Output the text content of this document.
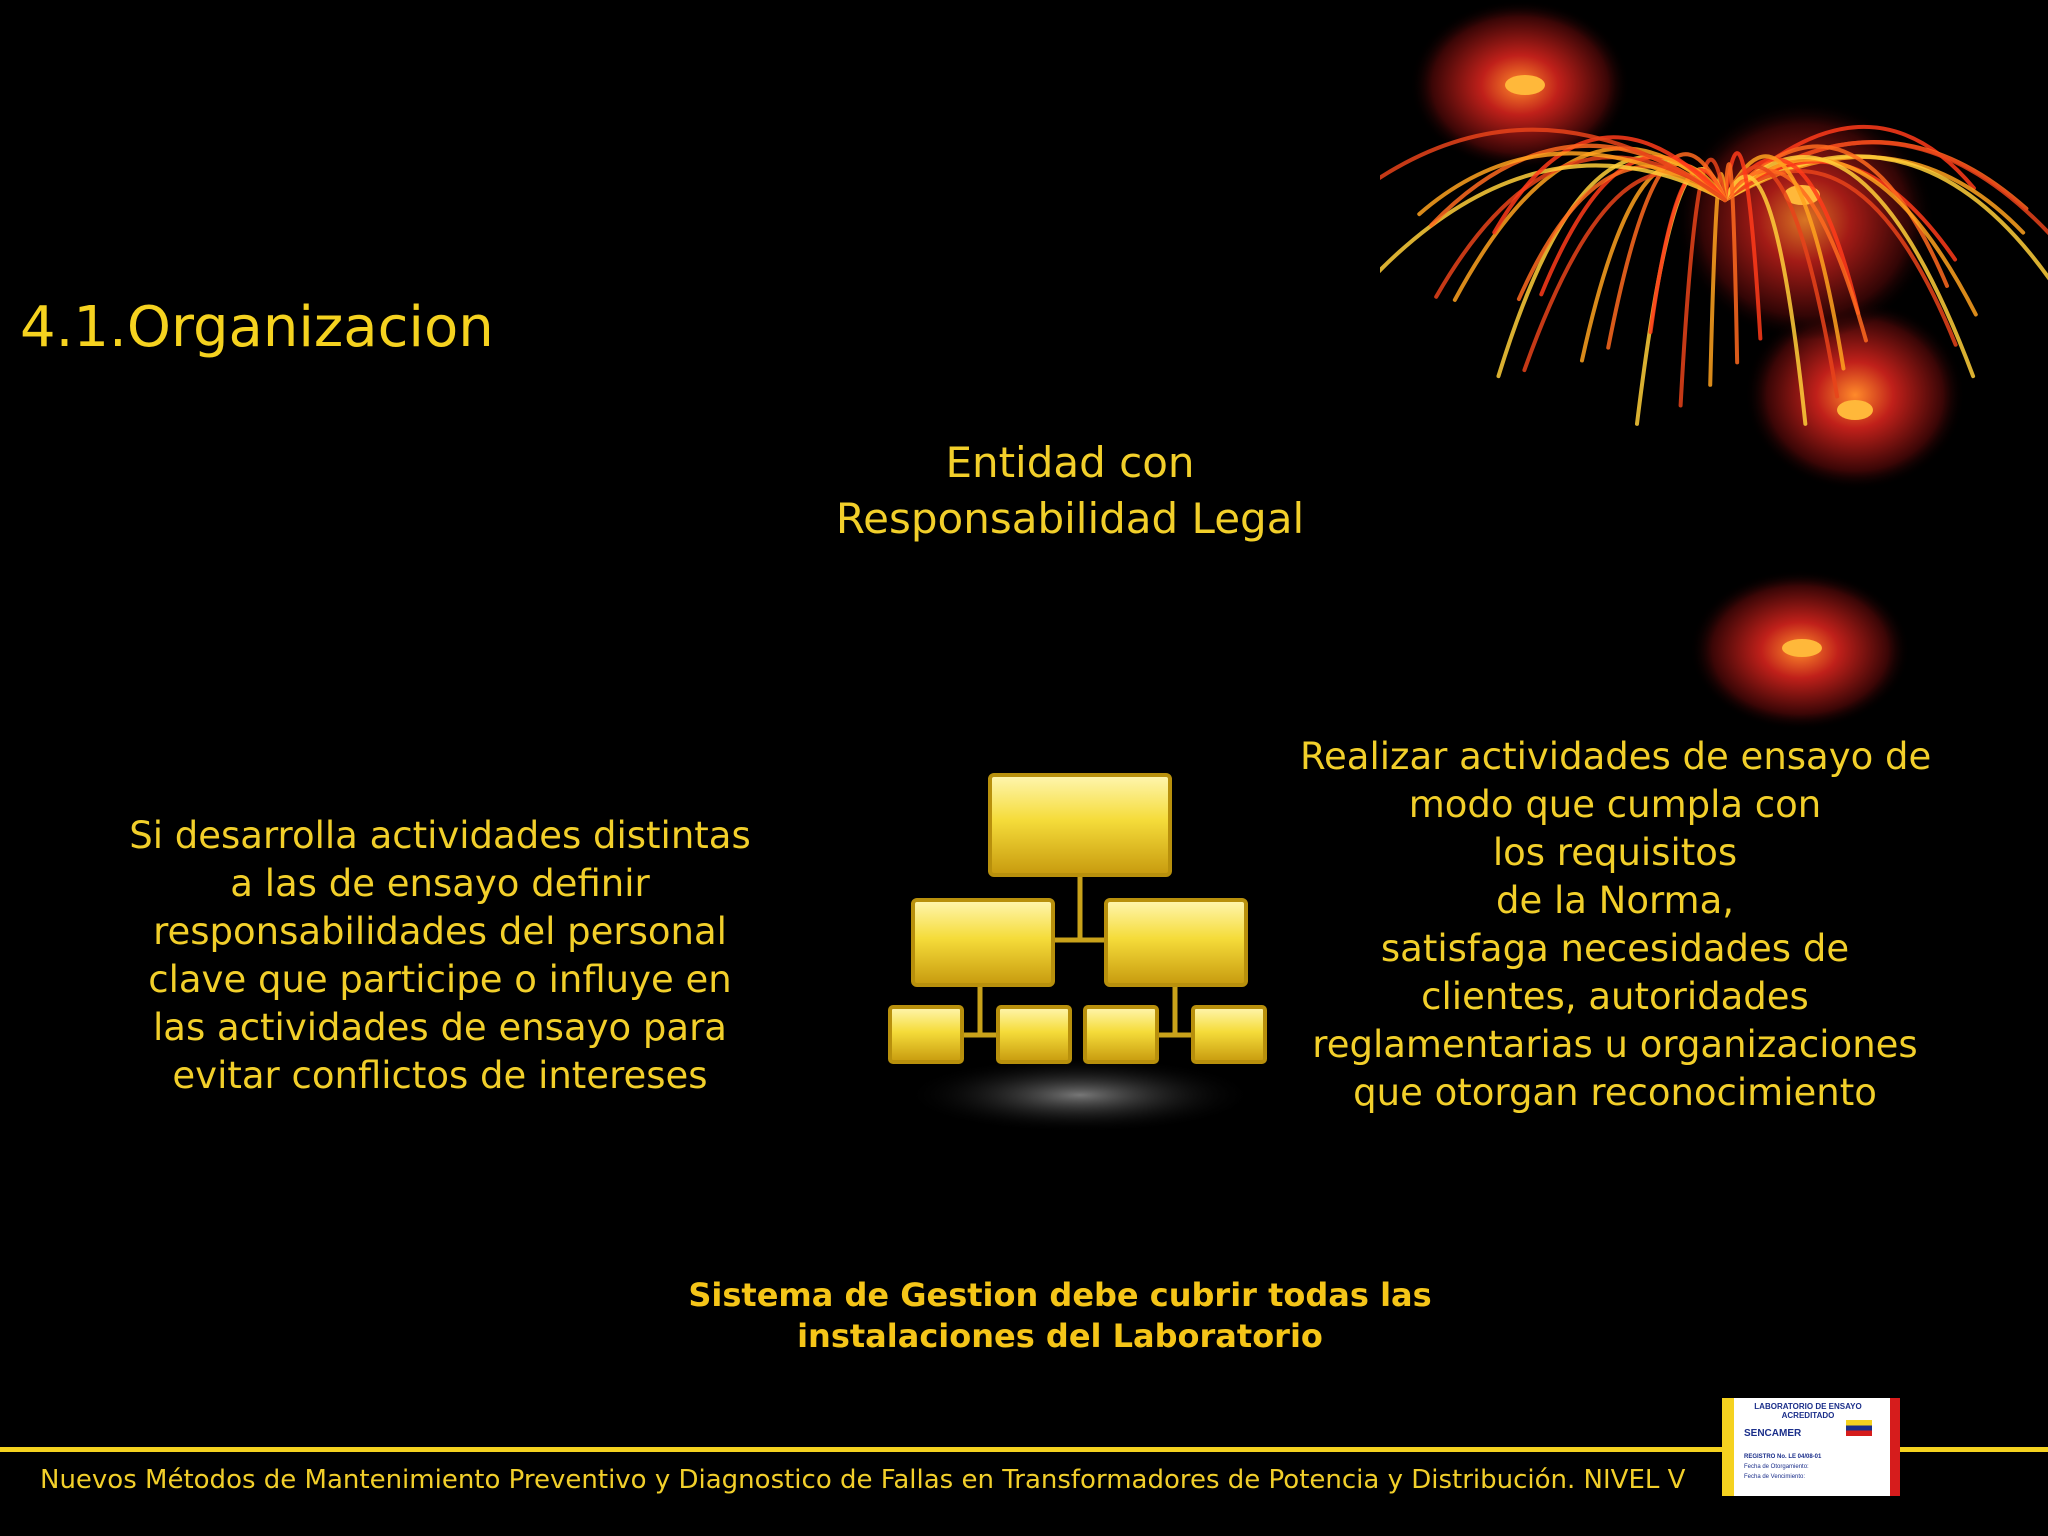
4.1.Organizacion
Entidad con
Responsabilidad Legal
Si desarrolla actividades distintas
a las de ensayo definir
responsabilidades del personal
clave que participe o influye en
las actividades de ensayo para
evitar conflictos de intereses
Realizar actividades de ensayo de
modo que cumpla con
los requisitos
de la Norma,
satisfaga necesidades de
clientes, autoridades
reglamentarias u organizaciones
que otorgan reconocimiento
Sistema de Gestion debe cubrir todas las
instalaciones del Laboratorio
Nuevos Métodos de Mantenimiento Preventivo y Diagnostico de Fallas en Transformadores de Potencia y Distribución. NIVEL V
LABORATORIO DE ENSAYO ACREDITADO
SENCAMER
REGISTRO No. LE 04/08-01
Fecha de Otorgamiento:
Fecha de Vencimiento:
